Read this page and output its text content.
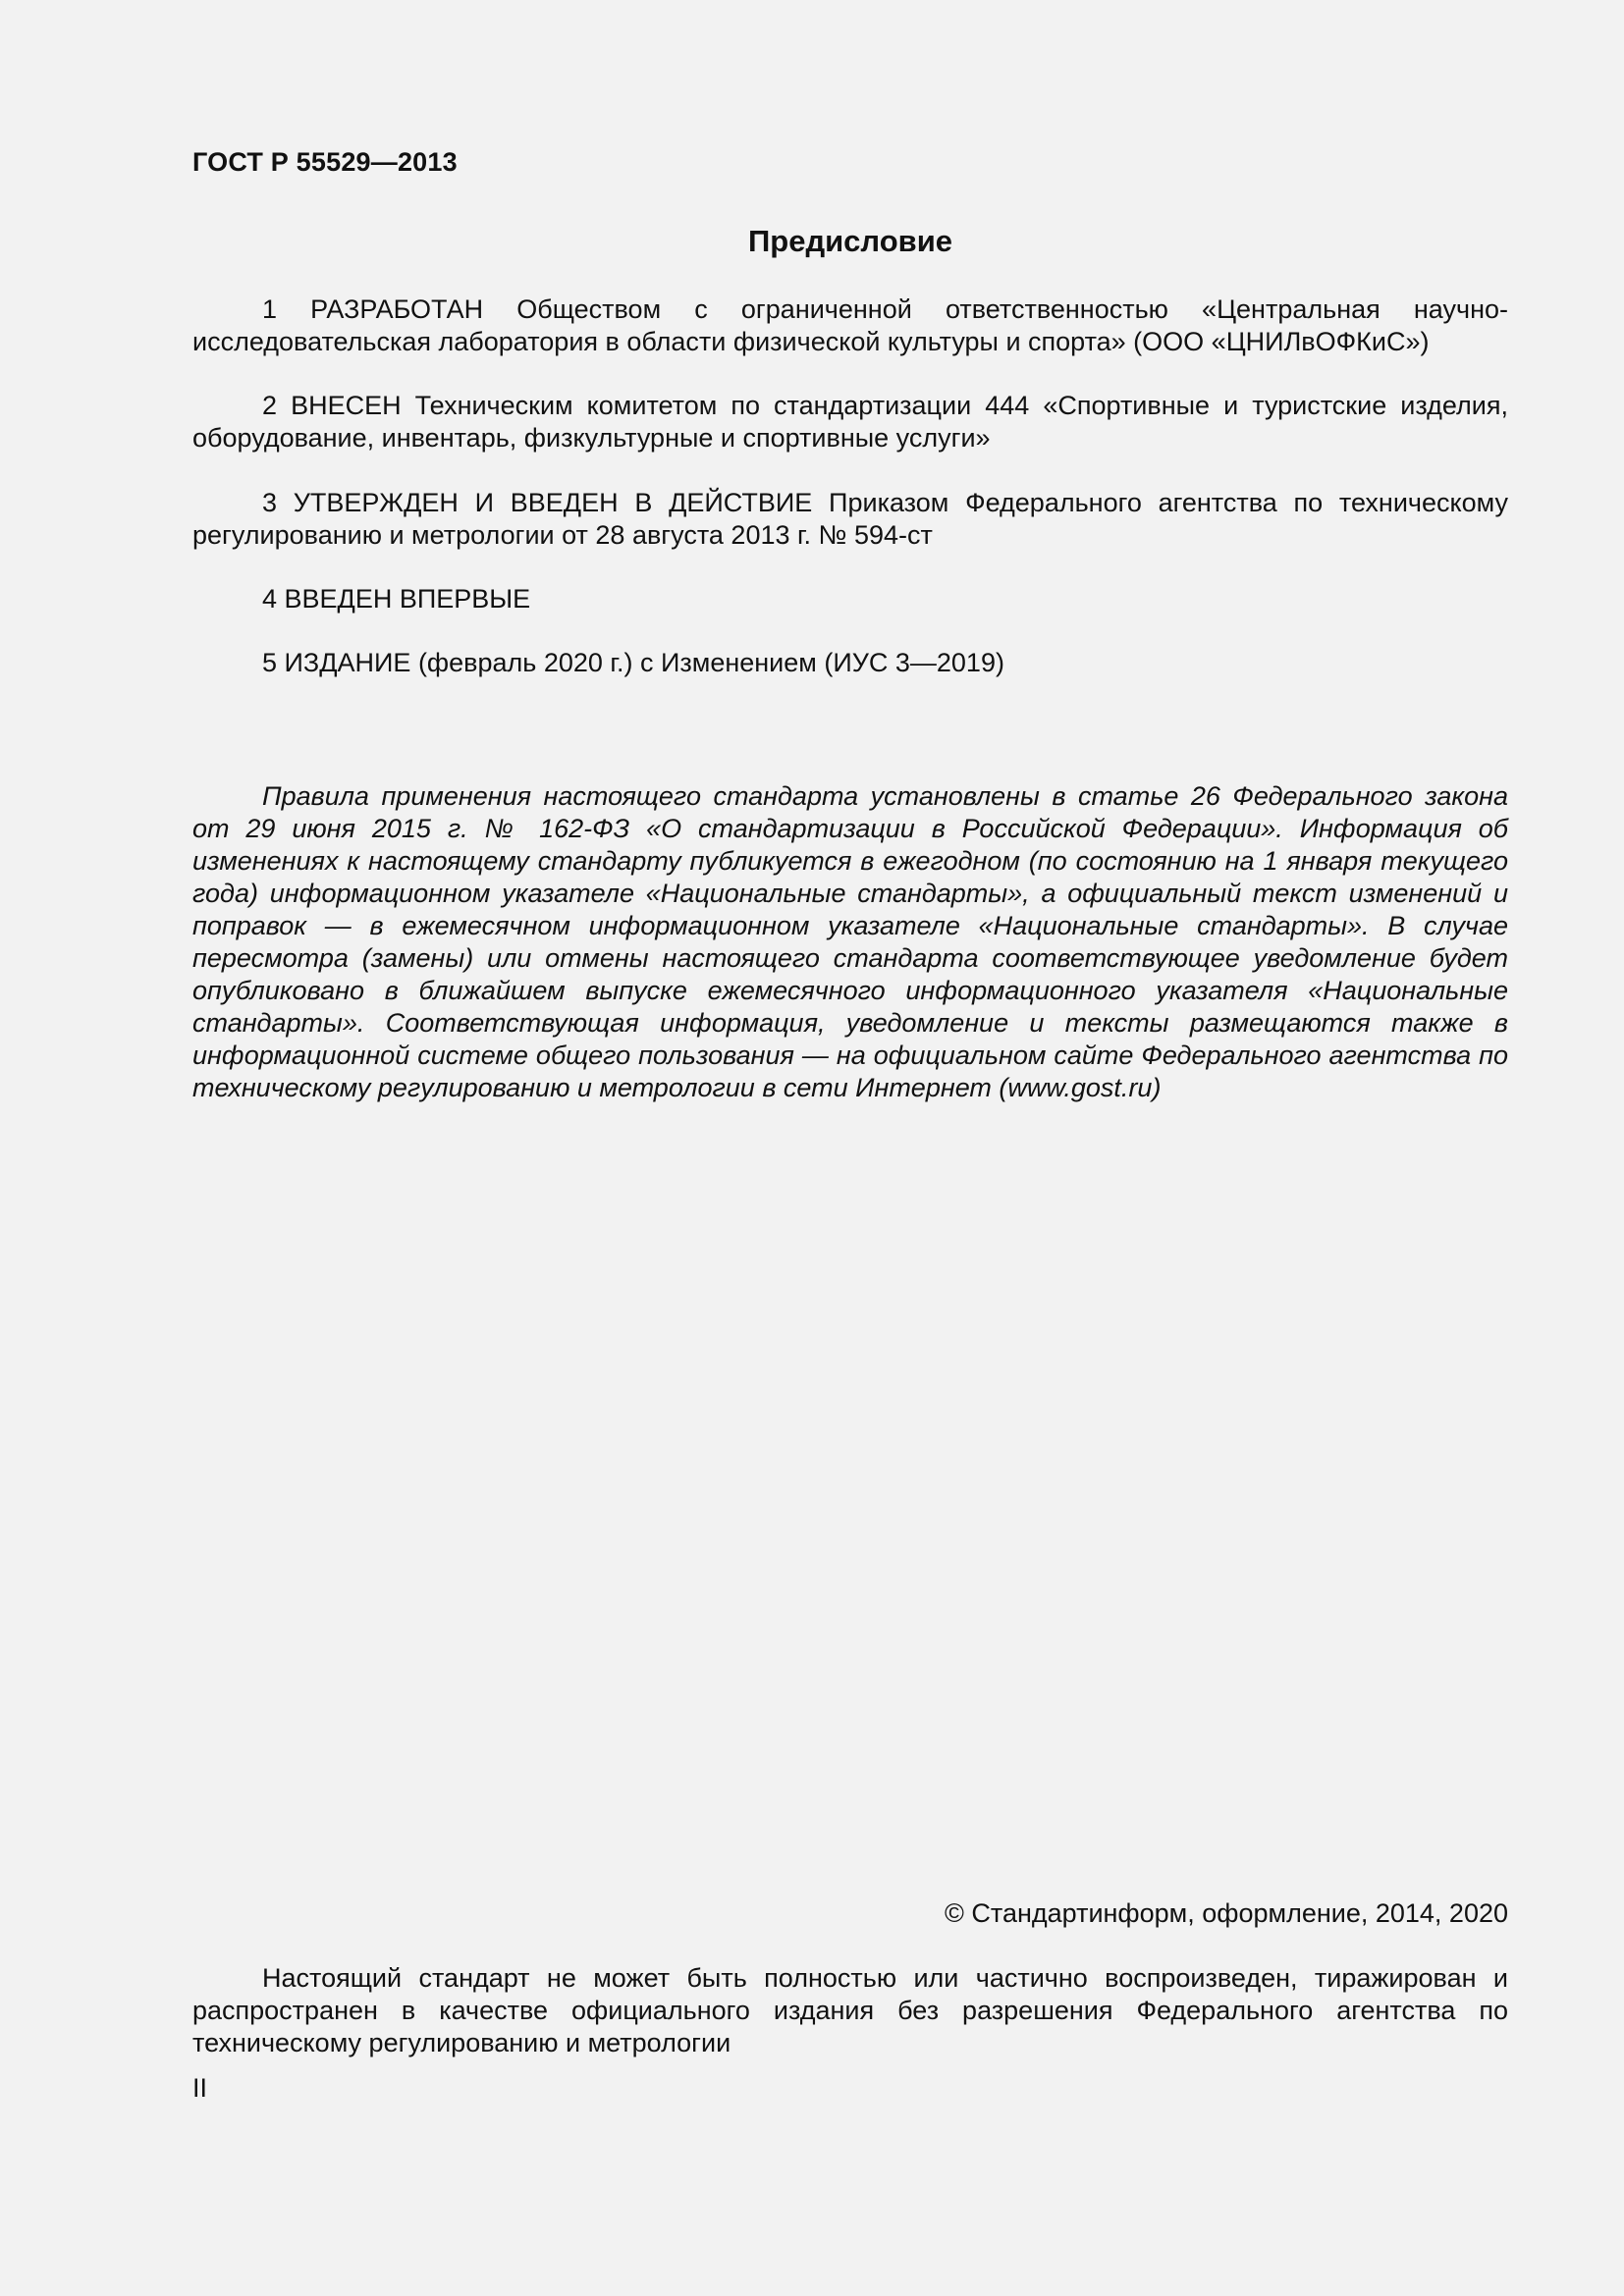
ГОСТ Р 55529—2013
Предисловие

1 РАЗРАБОТАН Обществом с ограниченной ответственностью «Центральная научно-исследовательская лаборатория в области физической культуры и спорта» (ООО «ЦНИЛвОФКиС»)

2 ВНЕСЕН Техническим комитетом по стандартизации 444 «Спортивные и туристские изделия, оборудование, инвентарь, физкультурные и спортивные услуги»

3 УТВЕРЖДЕН И ВВЕДЕН В ДЕЙСТВИЕ Приказом Федерального агентства по техническому регулированию и метрологии от 28 августа 2013 г. № 594-ст

4 ВВЕДЕН ВПЕРВЫЕ

5 ИЗДАНИЕ (февраль 2020 г.) с Изменением (ИУС 3—2019)

Правила применения настоящего стандарта установлены в статье 26 Федерального закона от 29 июня 2015 г. № 162-ФЗ «О стандартизации в Российской Федерации». Информация об изменениях к настоящему стандарту публикуется в ежегодном (по состоянию на 1 января текущего года) информационном указателе «Национальные стандарты», а официальный текст изменений и поправок — в ежемесячном информационном указателе «Национальные стандарты». В случае пересмотра (замены) или отмены настоящего стандарта соответствующее уведомление будет опубликовано в ближайшем выпуске ежемесячного информационного указателя «Национальные стандарты». Соответствующая информация, уведомление и тексты размещаются также в информационной системе общего пользования — на официальном сайте Федерального агентства по техническому регулированию и метрологии в сети Интернет (www.gost.ru)

© Стандартинформ, оформление, 2014, 2020

Настоящий стандарт не может быть полностью или частично воспроизведен, тиражирован и распространен в качестве официального издания без разрешения Федерального агентства по техническому регулированию и метрологии

II
